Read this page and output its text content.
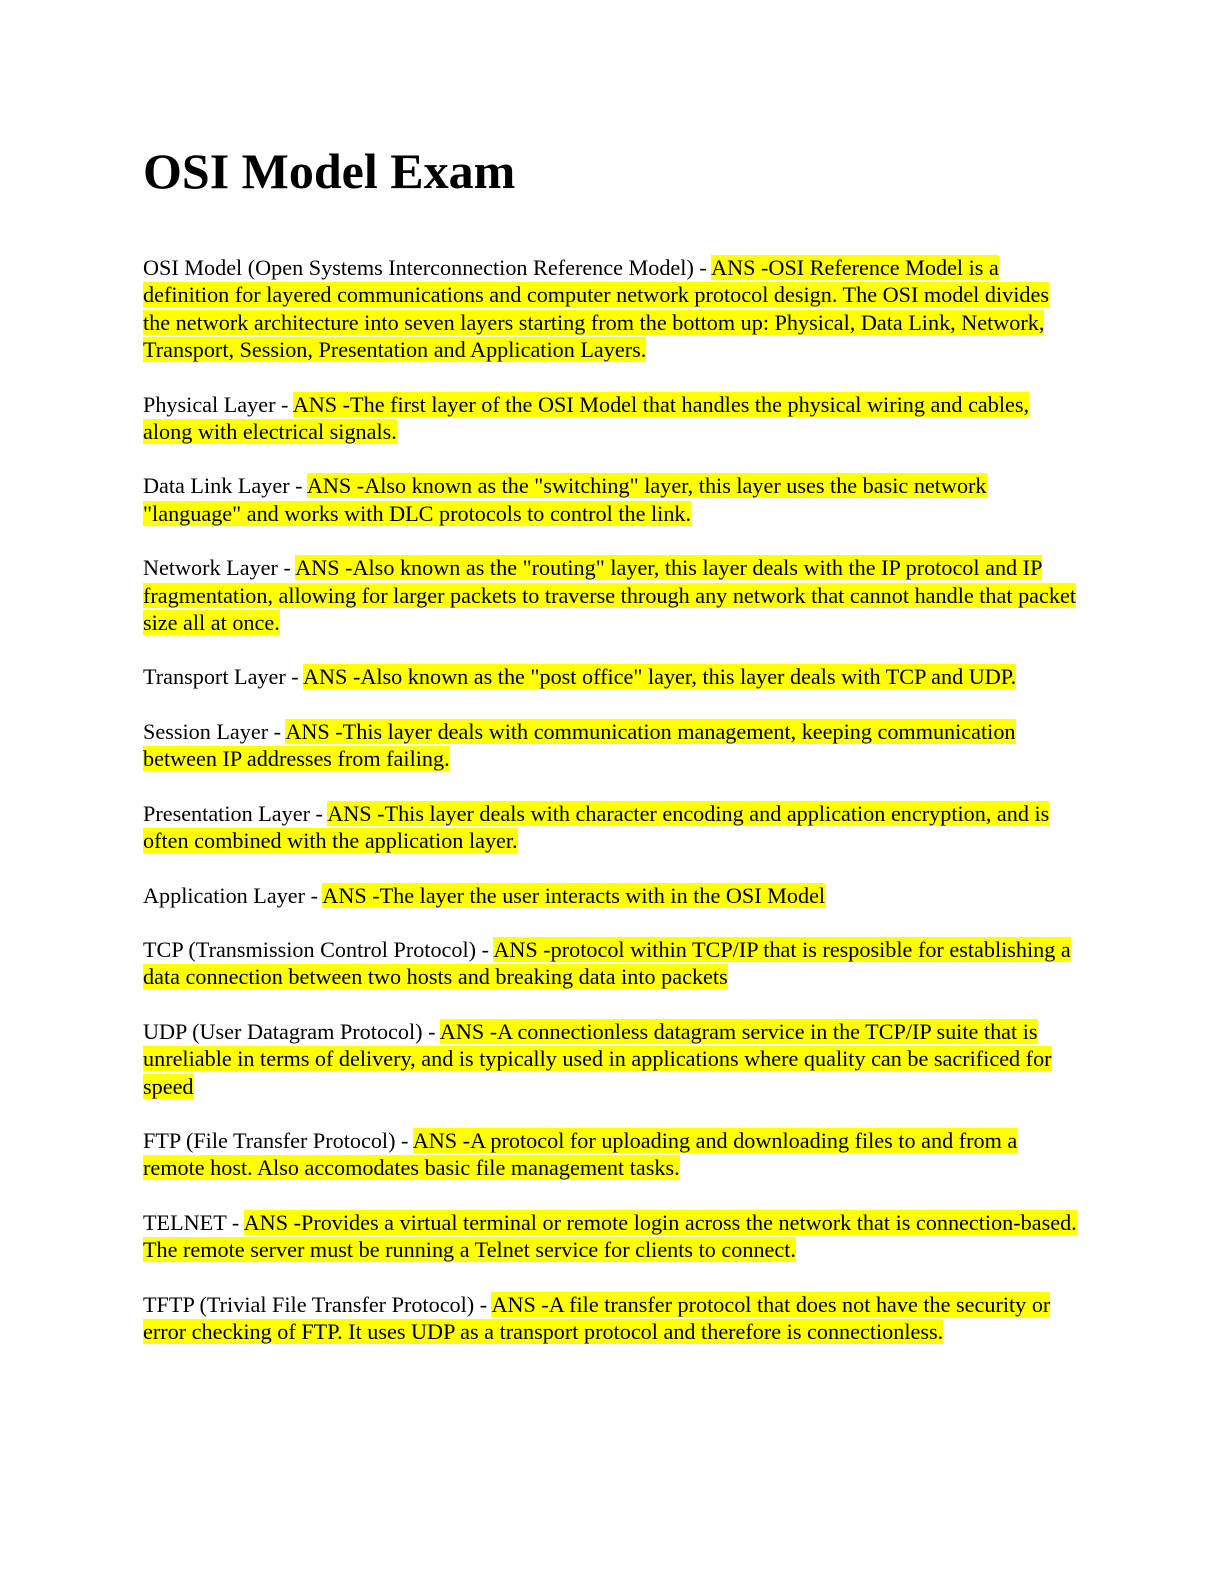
OSI Model Exam

OSI Model (Open Systems Interconnection Reference Model) - ANS -OSI Reference Model is a definition for layered communications and computer network protocol design. The OSI model divides the network architecture into seven layers starting from the bottom up: Physical, Data Link, Network, Transport, Session, Presentation and Application Layers.

Physical Layer - ANS -The first layer of the OSI Model that handles the physical wiring and cables, along with electrical signals.

Data Link Layer - ANS -Also known as the "switching" layer, this layer uses the basic network "language" and works with DLC protocols to control the link.

Network Layer - ANS -Also known as the "routing" layer, this layer deals with the IP protocol and IP fragmentation, allowing for larger packets to traverse through any network that cannot handle that packet size all at once.

Transport Layer - ANS -Also known as the "post office" layer, this layer deals with TCP and UDP.

Session Layer - ANS -This layer deals with communication management, keeping communication between IP addresses from failing.

Presentation Layer - ANS -This layer deals with character encoding and application encryption, and is often combined with the application layer.

Application Layer - ANS -The layer the user interacts with in the OSI Model

TCP (Transmission Control Protocol) - ANS -protocol within TCP/IP that is resposible for establishing a data connection between two hosts and breaking data into packets

UDP (User Datagram Protocol) - ANS -A connectionless datagram service in the TCP/IP suite that is unreliable in terms of delivery, and is typically used in applications where quality can be sacrificed for speed

FTP (File Transfer Protocol) - ANS -A protocol for uploading and downloading files to and from a remote host. Also accomodates basic file management tasks.

TELNET - ANS -Provides a virtual terminal or remote login across the network that is connection-based. The remote server must be running a Telnet service for clients to connect.

TFTP (Trivial File Transfer Protocol) - ANS -A file transfer protocol that does not have the security or error checking of FTP. It uses UDP as a transport protocol and therefore is connectionless.
